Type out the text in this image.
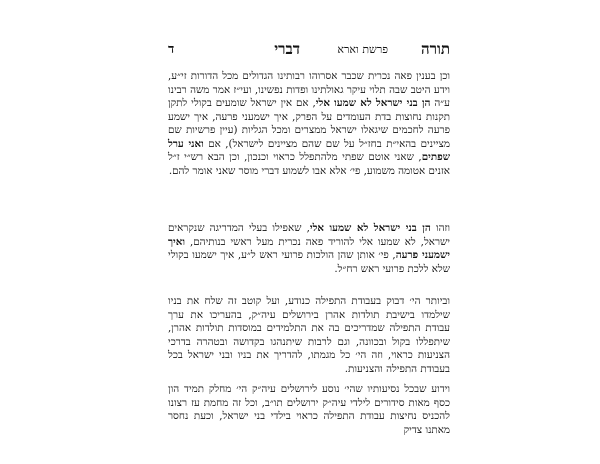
תורה
פרשת וארא
דברי
ד
וכן בענין פאה נכרית שכבר אסרוהו רבותינו הגדולים מכל הדורות זי״ע, וידע היטב שבה תלוי עיקר גאולתינו ופדות נפשינו, ועי״ז אמר משה רבינו ע״ה הן בני ישראל לא שמעו אלי, אם אין ישראל שומעים בקולי לתקן תקנות נחוצות בדת העומדים על הפרק, איך ישמעני פרעה, איך ישמע פרעה לחכמים שיגאלו ישראל ממצרים ומכל הגליות (עיין פרשיות שם מציינים בהאי״ת בחז״ל על שם שהם מציינים לישראל), אם ואני ערל שפתים, שאני אוטם שפתי מלהתפלל כראוי וכנכון, וכן הבא רש״י ז״ל אזנים אטומה משמוע, פי׳ אלא אבו לשמוע דברי מוסר שאני אומר להם.
וזהו הן בני ישראל לא שמעו אלי, שאפילו בעלי המדריגה שנקראים ישראל, לא שמעו אלי להוריד פאה נכרית מעל ראשי בנותיהם, ואיך ישמעני פרעה, פי׳ אותן שהן הולכות פרועי ראש ל״ע, איך ישמעו בקולי שלא ללכת פרועי ראש רח״ל.
וביותר הי׳ דבוק בעבודת התפילה כנודע, ועל קוטב זה שלח את בניו שילמדו בישיבת תולדות אהרן בירושלים עיה״ק, בהעריכו את ערך עבודת התפילה שמדריכים בה את התלמידים במוסדות תולדות אהרן, שיתפללו בקול ובכוונה, וגם לרבות שיתנהגו בקדושה ובטהרה בדרכי הצניעות כראוי, וזה הי׳ כל מגמתו, להדריך את בניו ובני ישראל בכל בעבודת התפילה והצניעות.
וידוע שבכל נסיעותיו שהי׳ נוסע לירושלים עיה״ק הי׳ מחלק תמיד הון כסף מאות סידורים לילדי עיה״ק ירושלים תו״ב, וכל זה מחמת עז רצונו להכניס נחיצות עבודת התפילה כראוי בילדי בני ישראל, וכעת נחסר מאתנו צדיק
